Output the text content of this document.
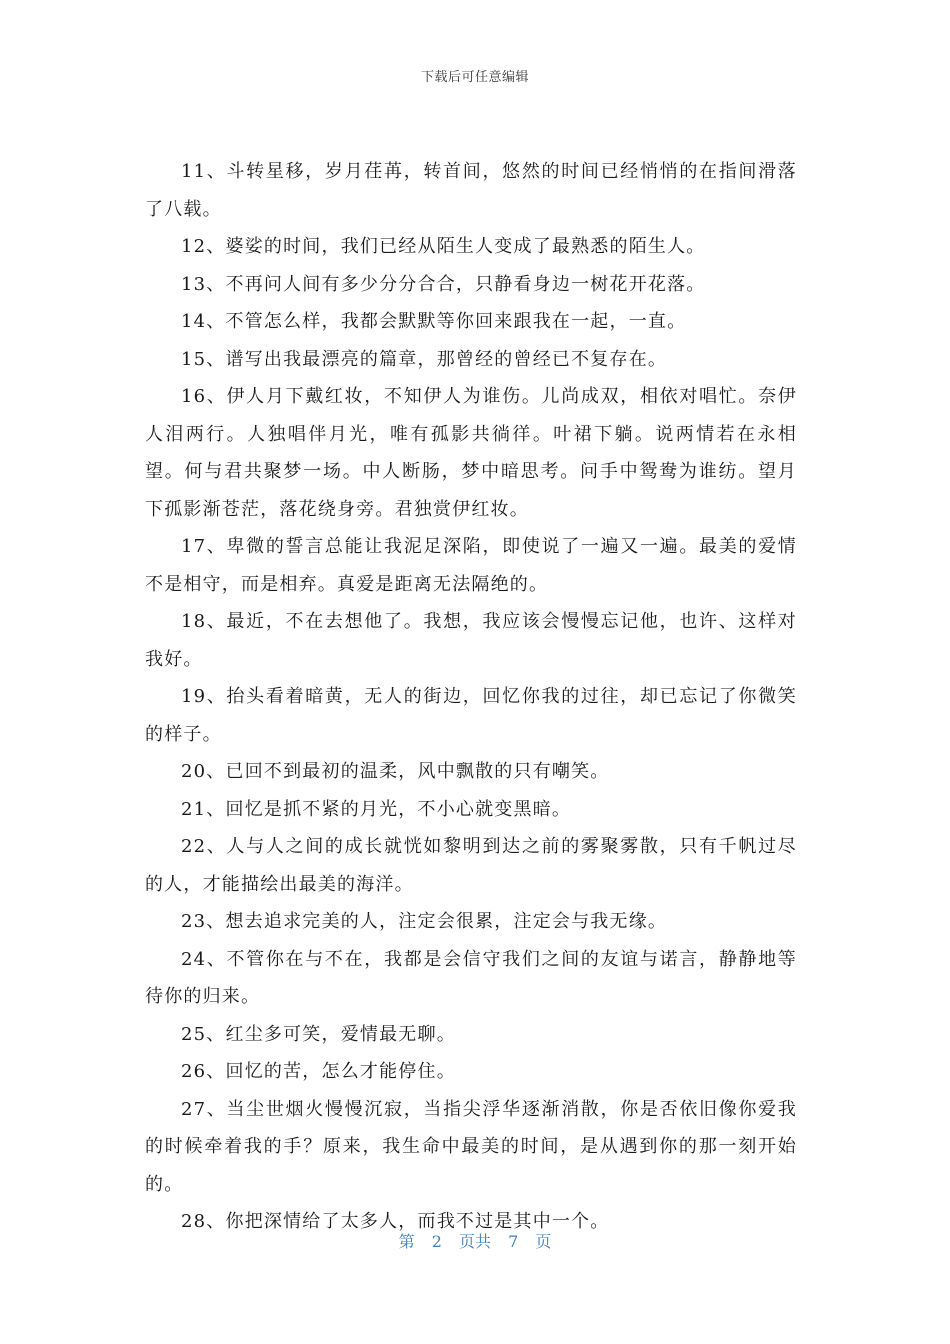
下载后可任意编辑

11、斗转星移，岁月荏苒，转首间，悠然的时间已经悄悄的在指间滑落了八载。

12、婆娑的时间，我们已经从陌生人变成了最熟悉的陌生人。

13、不再问人间有多少分分合合，只静看身边一树花开花落。

14、不管怎么样，我都会默默等你回来跟我在一起，一直。

15、谱写出我最漂亮的篇章，那曾经的曾经已不复存在。

16、伊人月下戴红妆，不知伊人为谁伤。儿尚成双，相依对唱忙。奈伊人泪两行。人独唱伴月光，唯有孤影共徜徉。叶裙下躺。说两情若在永相望。何与君共聚梦一场。中人断肠，梦中暗思考。问手中鸳鸯为谁纺。望月下孤影渐苍茫，落花绕身旁。君独赏伊红妆。

17、卑微的誓言总能让我泥足深陷，即使说了一遍又一遍。最美的爱情不是相守，而是相弃。真爱是距离无法隔绝的。

18、最近，不在去想他了。我想，我应该会慢慢忘记他，也许、这样对我好。

19、抬头看着暗黄，无人的街边，回忆你我的过往，却已忘记了你微笑的样子。

20、已回不到最初的温柔，风中飘散的只有嘲笑。

21、回忆是抓不紧的月光，不小心就变黑暗。

22、人与人之间的成长就恍如黎明到达之前的雾聚雾散，只有千帆过尽的人，才能描绘出最美的海洋。

23、想去追求完美的人，注定会很累，注定会与我无缘。

24、不管你在与不在，我都是会信守我们之间的友谊与诺言，静静地等待你的归来。

25、红尘多可笑，爱情最无聊。

26、回忆的苦，怎么才能停住。

27、当尘世烟火慢慢沉寂，当指尖浮华逐渐消散，你是否依旧像你爱我的时候牵着我的手？原来，我生命中最美的时间，是从遇到你的那一刻开始的。

28、你把深情给了太多人，而我不过是其中一个。

第 2 页共 7 页
